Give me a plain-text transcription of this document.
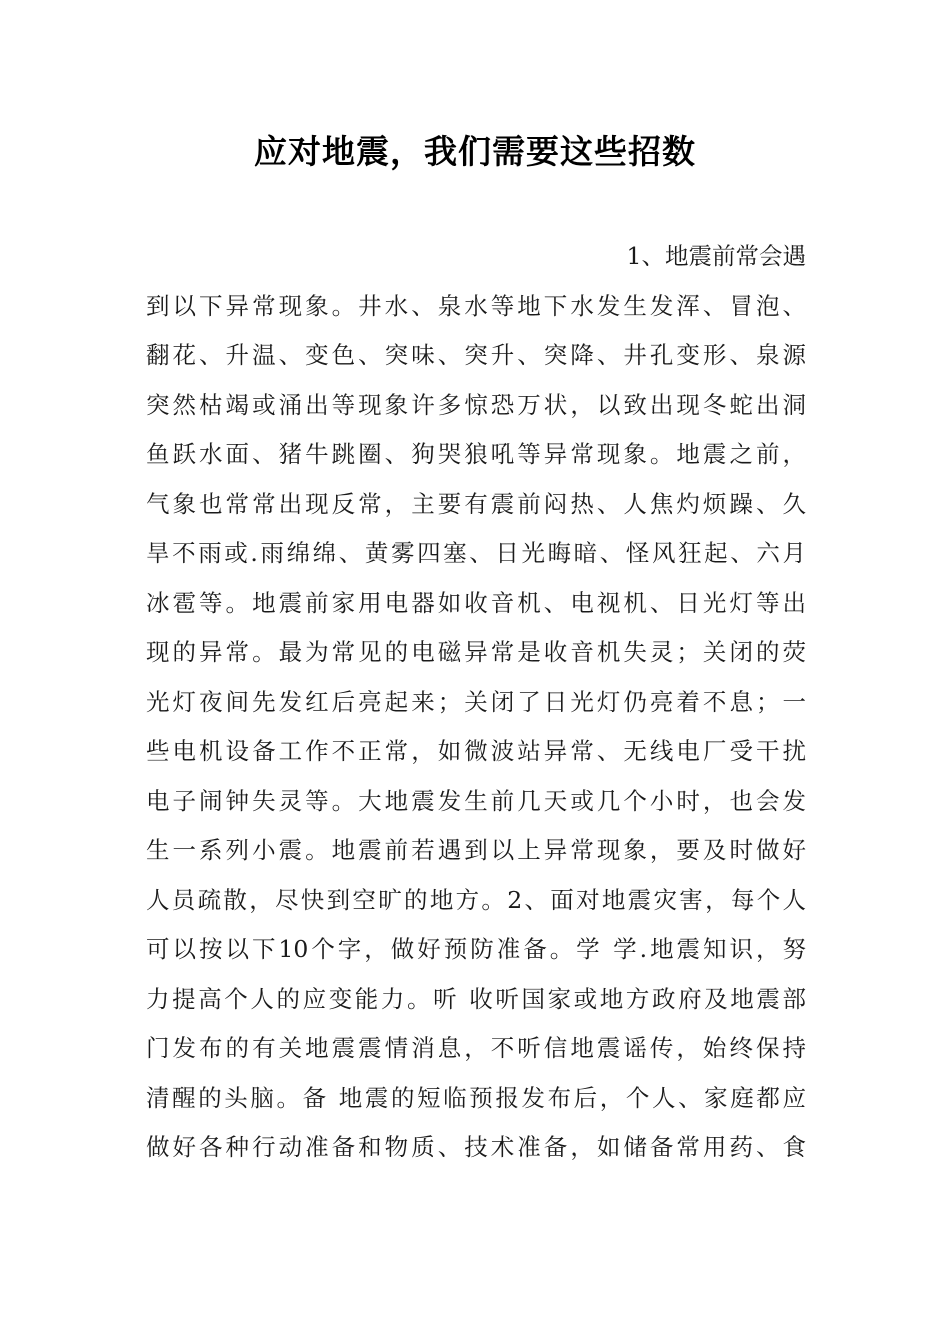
应对地震，我们需要这些招数
1、地震前常会遇
到以下异常现象。井水、泉水等地下水发生发浑、冒泡、
翻花、升温、变色、突味、突升、突降、井孔变形、泉源
突然枯竭或涌出等现象许多惊恐万状，以致出现冬蛇出洞
鱼跃水面、猪牛跳圈、狗哭狼吼等异常现象。地震之前，
气象也常常出现反常，主要有震前闷热、人焦灼烦躁、久
旱不雨或.雨绵绵、黄雾四塞、日光晦暗、怪风狂起、六月
冰雹等。地震前家用电器如收音机、电视机、日光灯等出
现的异常。最为常见的电磁异常是收音机失灵；关闭的荧
光灯夜间先发红后亮起来；关闭了日光灯仍亮着不息；一
些电机设备工作不正常，如微波站异常、无线电厂受干扰
电子闹钟失灵等。大地震发生前几天或几个小时，也会发
生一系列小震。地震前若遇到以上异常现象，要及时做好
人员疏散，尽快到空旷的地方。2、面对地震灾害，每个人
可以按以下10个字，做好预防准备。学 学.地震知识，努
力提高个人的应变能力。听 收听国家或地方政府及地震部
门发布的有关地震震情消息，不听信地震谣传，始终保持
清醒的头脑。备 地震的短临预报发布后，个人、家庭都应
做好各种行动准备和物质、技术准备，如储备常用药、食
